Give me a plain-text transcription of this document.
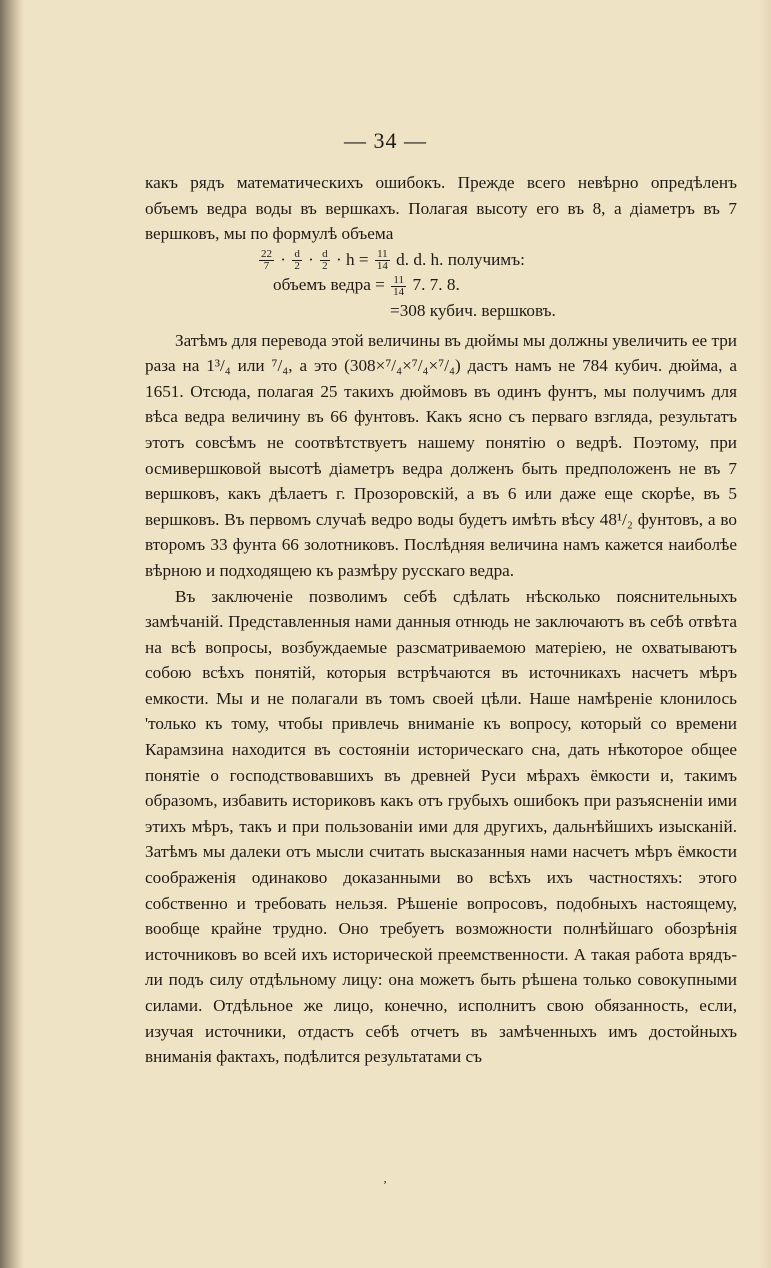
— 34 —

какъ рядъ математическихъ ошибокъ. Прежде всего невѣрно опредѣленъ объемъ ведра воды въ вершкахъ. Полагая высоту его въ 8, а діаметръ въ 7 вершковъ, мы по формулѣ объема

$\frac{22}{7} \cdot \frac{d}{2} \cdot \frac{d}{2} \cdot h = \frac{11}{14} d$. d. h. получимъ:
объемъ ведра = $\frac{11}{14} 7$. 7. 8.
=308 кубич. вершковъ.

Затѣмъ для перевода этой величины въ дюймы мы должны увеличить ее три раза на 1³/₄ или ⁷/₄, а это (308×⁷/₄×⁷/₄×⁷/₄) дастъ намъ не 784 кубич. дюйма, а 1651. Отсюда, полагая 25 такихъ дюймовъ въ одинъ фунтъ, мы получимъ для вѣса ведра величину въ 66 фунтовъ. Какъ ясно съ перваго взгляда, результатъ этотъ совсѣмъ не соотвѣтствуетъ нашему понятію о ведрѣ. Поэтому, при осмивершковой высотѣ діаметръ ведра долженъ быть предположенъ не въ 7 вершковъ, какъ дѣлаетъ г. Прозоровскій, а въ 6 или даже еще скорѣе, въ 5 вершковъ. Въ первомъ случаѣ ведро воды будетъ имѣть вѣсу 48¹/₂ фунтовъ, а во второмъ 33 фунта 66 золотниковъ. Послѣдняя величина намъ кажется наиболѣе вѣрною и подходящею къ размѣру русскаго ведра.

Въ заключеніе позволимъ себѣ сдѣлать нѣсколько пояснительныхъ замѣчаній. Представленныя нами данныя отнюдь не заключаютъ въ себѣ отвѣта на всѣ вопросы, возбуждаемые разсматриваемою матеріею, не охватываютъ собою всѣхъ понятій, которыя встрѣчаются въ источникахъ насчетъ мѣръ емкости. Мы и не полагали въ томъ своей цѣли. Наше намѣреніе клонилось 'только къ тому, чтобы привлечь вниманіе къ вопросу, который со времени Карамзина находится въ состояніи историческаго сна, дать нѣкоторое общее понятіе о господствовавшихъ въ древней Руси мѣрахъ ёмкости и, такимъ образомъ, избавить историковъ какъ отъ грубыхъ ошибокъ при разъясненіи ими этихъ мѣръ, такъ и при пользованіи ими для другихъ, дальнѣйшихъ изысканій. Затѣмъ мы далеки отъ мысли считать высказанныя нами насчетъ мѣръ ёмкости соображенія одинаково доказанными во всѣхъ ихъ частностяхъ: этого собственно и требовать нельзя. Рѣшеніе вопросовъ, подобныхъ настоящему, вообще крайне трудно. Оно требуетъ возможности полнѣйшаго обозрѣнія источниковъ во всей ихъ исторической преемственности. А такая работа врядъ-ли подъ силу отдѣльному лицу: она можетъ быть рѣшена только совокупными силами. Отдѣльное же лицо, конечно, исполнитъ свою обязанность, если, изучая источники, отдастъ себѣ отчетъ въ замѣченныхъ имъ достойныхъ вниманія фактахъ, подѣлится результатами съ

ʼ
